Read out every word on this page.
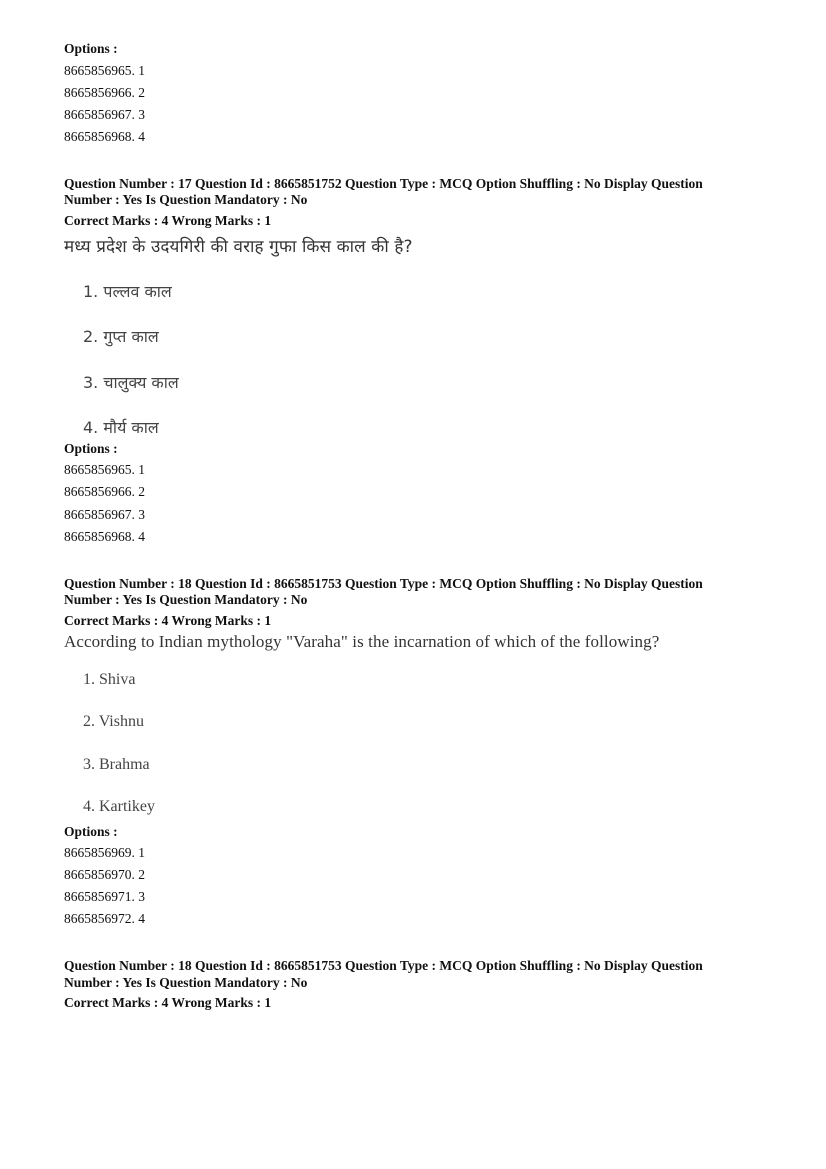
Options :
8665856965. 1
8665856966. 2
8665856967. 3
8665856968. 4
Question Number : 17 Question Id : 8665851752 Question Type : MCQ Option Shuffling : No Display Question
Number : Yes Is Question Mandatory : No
Correct Marks : 4 Wrong Marks : 1
मध्य प्रदेश के उदयगिरी की वराह गुफा किस काल की है?
1. पल्लव काल
2. गुप्त काल
3. चालुक्य काल
4. मौर्य काल
Options :
8665856965. 1
8665856966. 2
8665856967. 3
8665856968. 4
Question Number : 18 Question Id : 8665851753 Question Type : MCQ Option Shuffling : No Display Question
Number : Yes Is Question Mandatory : No
Correct Marks : 4 Wrong Marks : 1
According to Indian mythology "Varaha" is the incarnation of which of the following?
1. Shiva
2. Vishnu
3. Brahma
4. Kartikey
Options :
8665856969. 1
8665856970. 2
8665856971. 3
8665856972. 4
Question Number : 18 Question Id : 8665851753 Question Type : MCQ Option Shuffling : No Display Question
Number : Yes Is Question Mandatory : No
Correct Marks : 4 Wrong Marks : 1
